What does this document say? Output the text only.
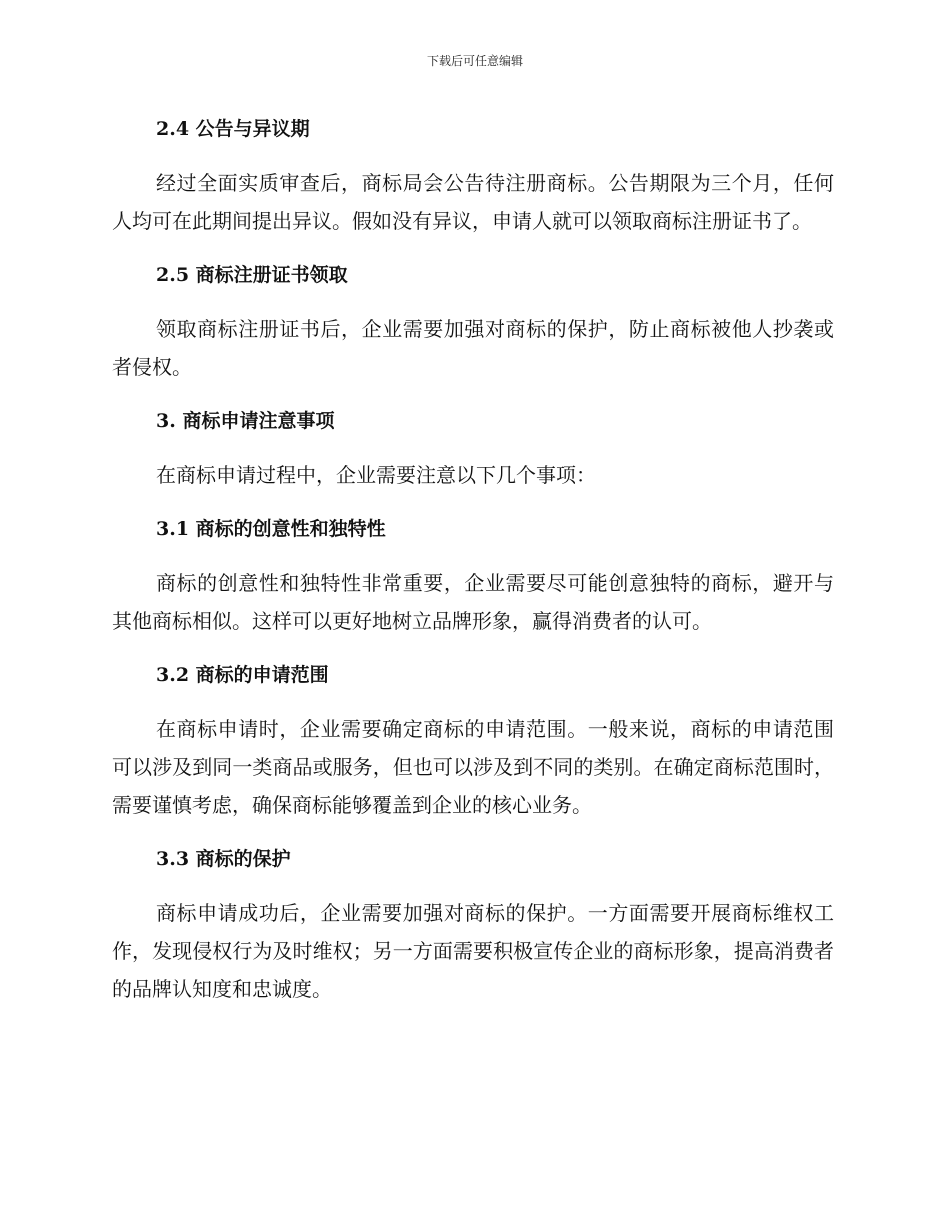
下载后可任意编辑
2.4 公告与异议期

经过全面实质审查后，商标局会公告待注册商标。公告期限为三个月，任何人均可在此期间提出异议。假如没有异议，申请人就可以领取商标注册证书了。

2.5 商标注册证书领取

领取商标注册证书后，企业需要加强对商标的保护，防止商标被他人抄袭或者侵权。

3. 商标申请注意事项

在商标申请过程中，企业需要注意以下几个事项：

3.1 商标的创意性和独特性

商标的创意性和独特性非常重要，企业需要尽可能创意独特的商标，避开与其他商标相似。这样可以更好地树立品牌形象，赢得消费者的认可。

3.2 商标的申请范围

在商标申请时，企业需要确定商标的申请范围。一般来说，商标的申请范围可以涉及到同一类商品或服务，但也可以涉及到不同的类别。在确定商标范围时，需要谨慎考虑，确保商标能够覆盖到企业的核心业务。

3.3 商标的保护

商标申请成功后，企业需要加强对商标的保护。一方面需要开展商标维权工作，发现侵权行为及时维权；另一方面需要积极宣传企业的商标形象，提高消费者的品牌认知度和忠诚度。
